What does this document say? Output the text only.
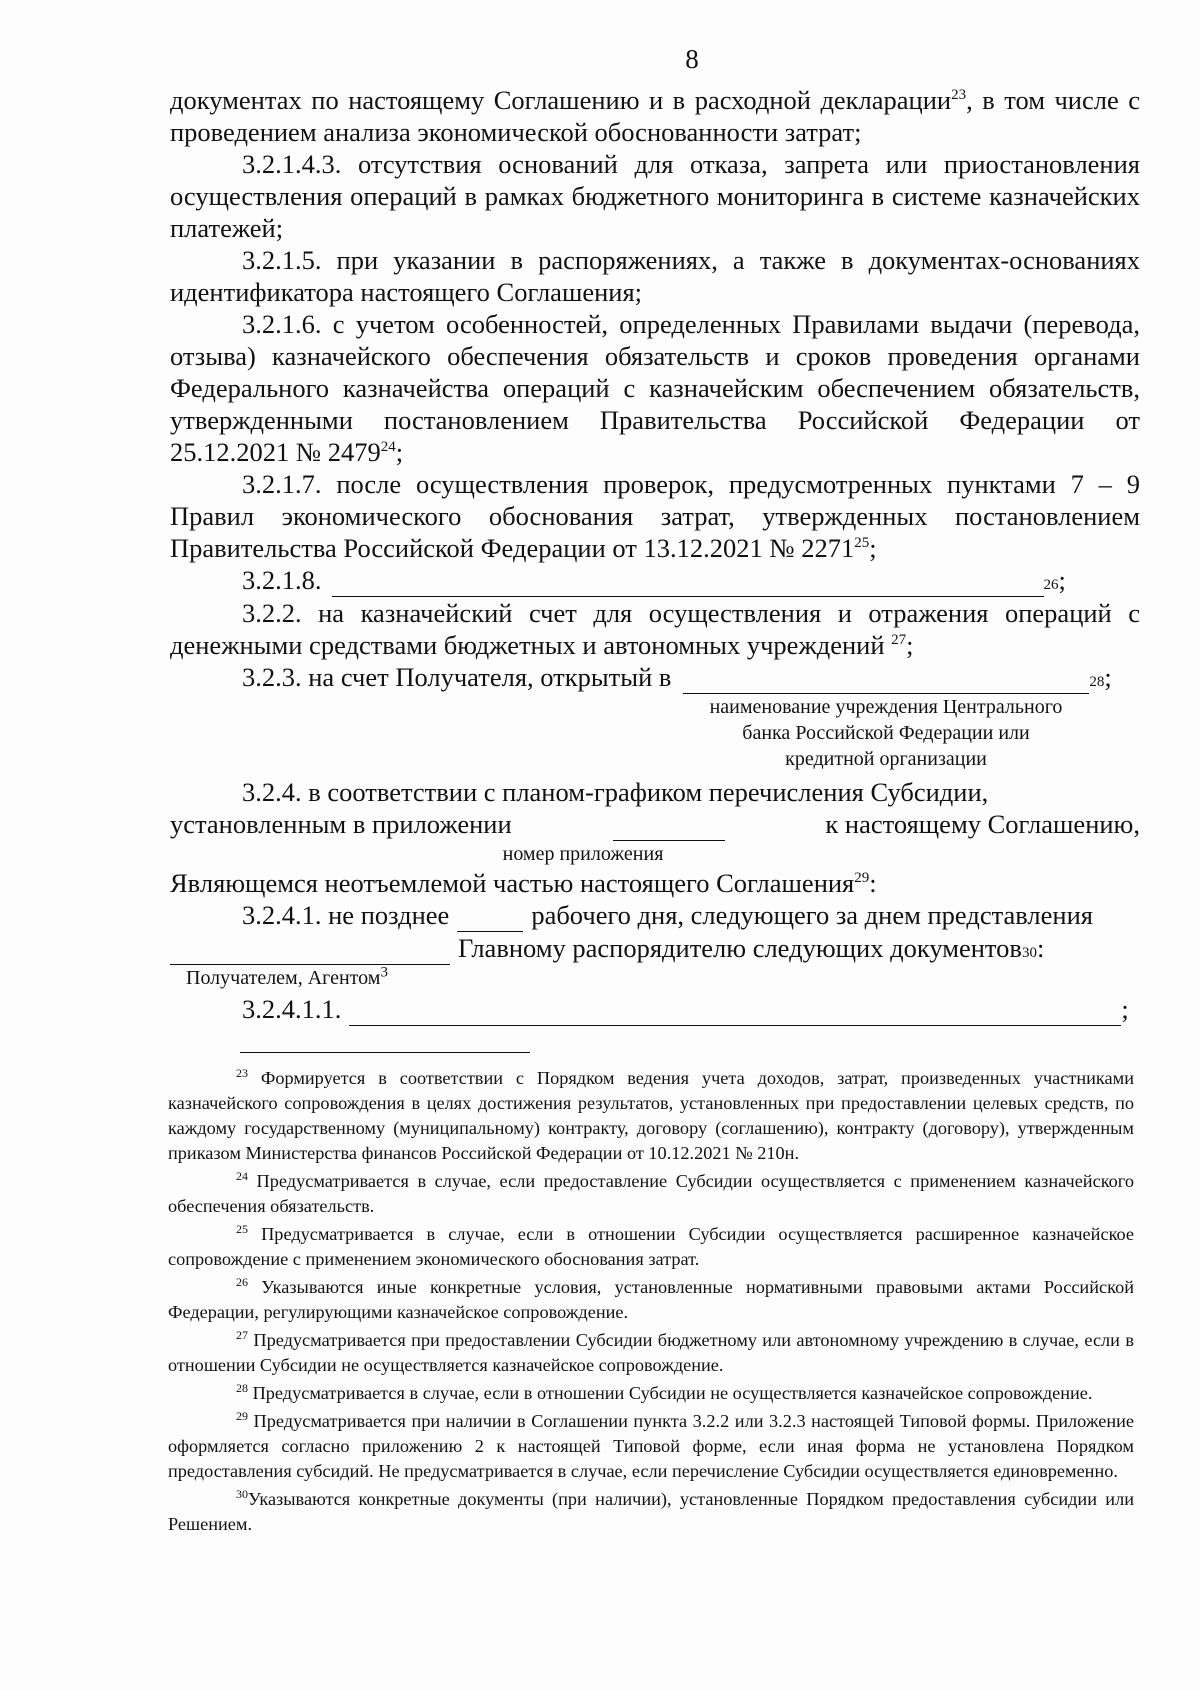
8

документах по настоящему Соглашению и в расходной декларации$^{23}$, в том числе с проведением анализа экономической обоснованности затрат;

3.2.1.4.3. отсутствия оснований для отказа, запрета или приостановления осуществления операций в рамках бюджетного мониторинга в системе казначейских платежей;

3.2.1.5. при указании в распоряжениях, а также в документах-основаниях идентификатора настоящего Соглашения;

3.2.1.6. с учетом особенностей, определенных Правилами выдачи (перевода, отзыва) казначейского обеспечения обязательств и сроков проведения органами Федерального казначейства операций с казначейским обеспечением обязательств, утвержденными постановлением Правительства Российской Федерации от 25.12.2021 № 2479$^{24}$;

3.2.1.7. после осуществления проверок, предусмотренных пунктами 7 – 9 Правил экономического обоснования затрат, утвержденных постановлением Правительства Российской Федерации от 13.12.2021 № 2271$^{25}$;

3.2.1.8.
	26 ;

3.2.2. на казначейский счет для осуществления и отражения операций с денежными средствами бюджетных и автономных учреждений $^{27}$;

3.2.3. на счет Получателя, открытый в
	28 ;
наименование учреждения Центрального
банка Российской Федерации или
кредитной организации

3.2.4. в соответствии с планом-графиком перечисления Субсидии,

установленным в приложении
	к настоящему Соглашению,
номер приложения

Являющемся неотъемлемой частью настоящего Соглашения$^{29}$:

3.2.4.1. не позднее
	рабочего дня, следующего за днем представления

Главному распорядителю следующих документов 30 :
Получателем, Агентом$^3$
3.2.4.1.1.
	;

$^{23}$ Формируется в соответствии с Порядком ведения учета доходов, затрат, произведенных участниками казначейского сопровождения в целях достижения результатов, установленных при предоставлении целевых средств, по каждому государственному (муниципальному) контракту, договору (соглашению), контракту (договору), утвержденным приказом Министерства финансов Российской Федерации от 10.12.2021 № 210н.

$^{24}$ Предусматривается в случае, если предоставление Субсидии осуществляется с применением казначейского обеспечения обязательств.

$^{25}$ Предусматривается в случае, если в отношении Субсидии осуществляется расширенное казначейское сопровождение с применением экономического обоснования затрат.

$^{26}$ Указываются иные конкретные условия, установленные нормативными правовыми актами Российской Федерации, регулирующими казначейское сопровождение.

$^{27}$ Предусматривается при предоставлении Субсидии бюджетному или автономному учреждению в случае, если в отношении Субсидии не осуществляется казначейское сопровождение.

$^{28}$ Предусматривается в случае, если в отношении Субсидии не осуществляется казначейское сопровождение.

$^{29}$ Предусматривается при наличии в Соглашении пункта 3.2.2 или 3.2.3 настоящей Типовой формы. Приложение оформляется согласно приложению 2 к настоящей Типовой форме, если иная форма не установлена Порядком предоставления субсидий. Не предусматривается в случае, если перечисление Субсидии осуществляется единовременно.

$^{30}$Указываются конкретные документы (при наличии), установленные Порядком предоставления субсидии или Решением.
